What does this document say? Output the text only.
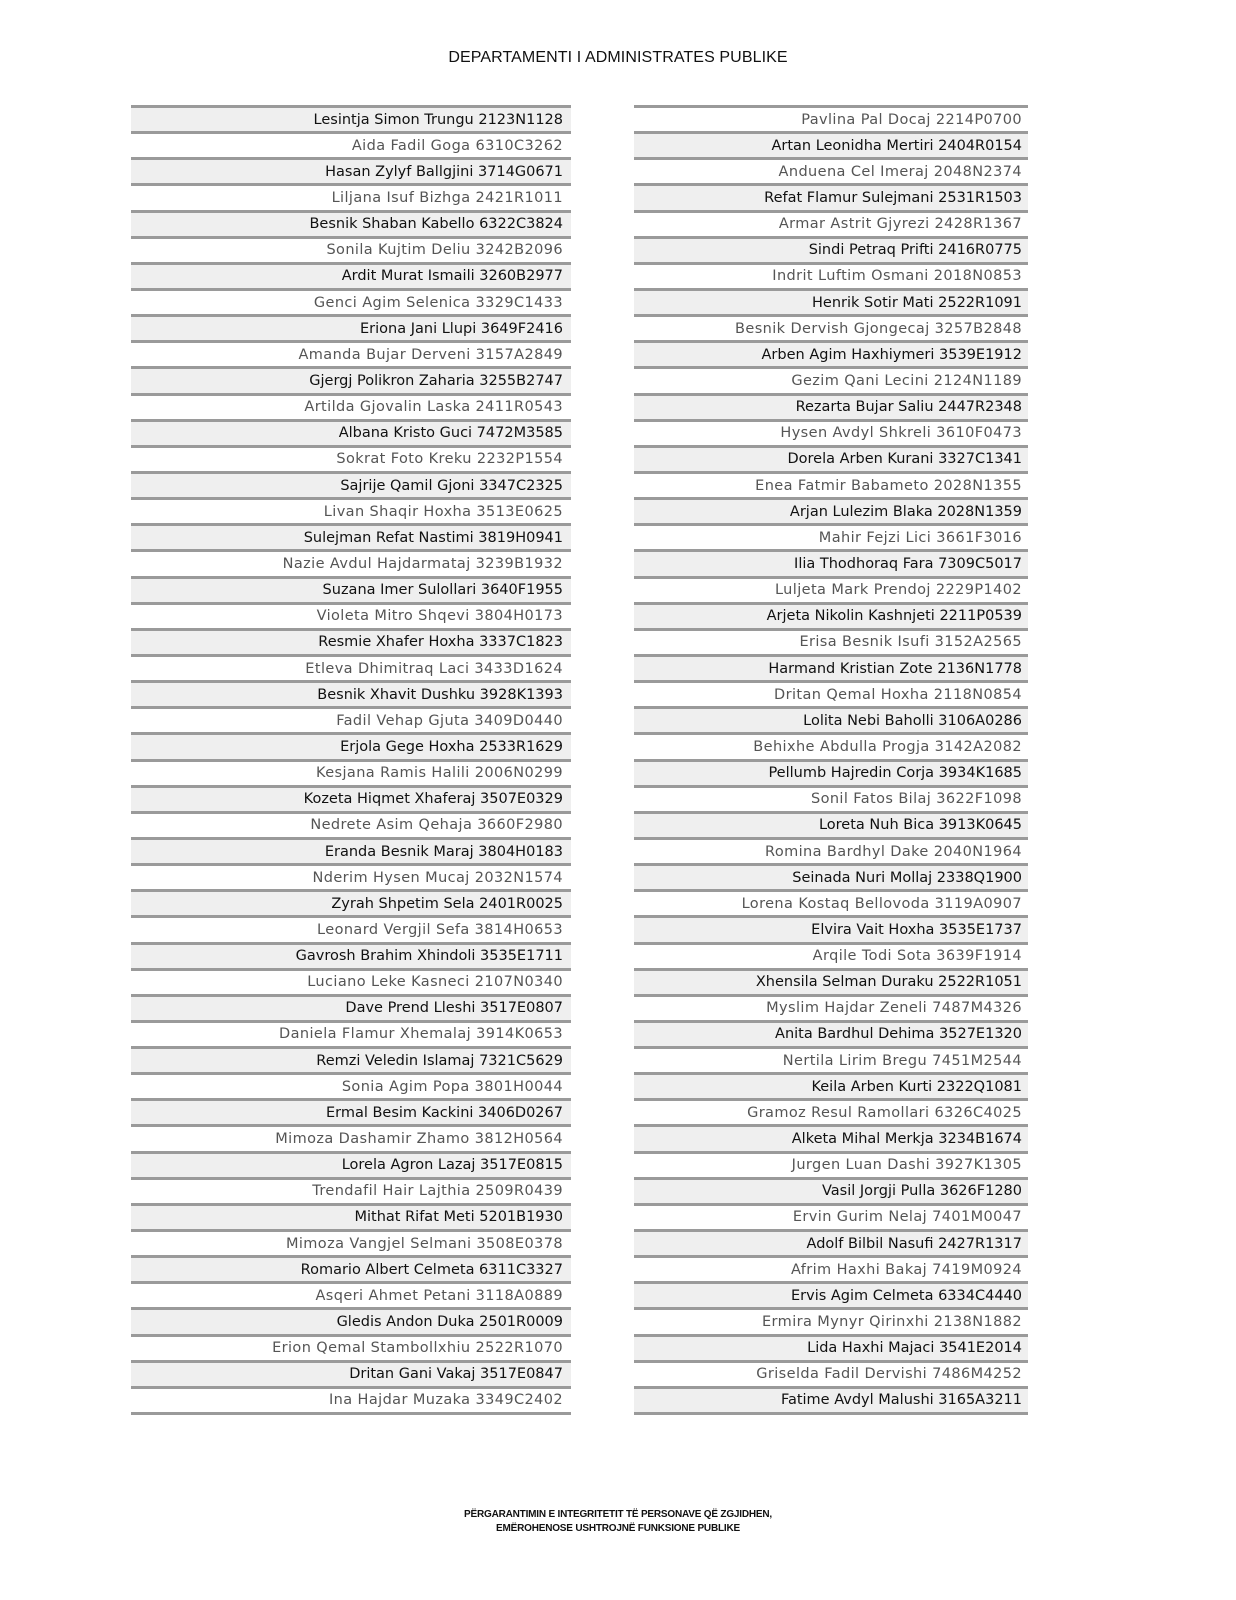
DEPARTAMENTI I ADMINISTRATES PUBLIKE
Lesintja Simon Trungu 2123N1128
Aida Fadil Goga 6310C3262
Hasan Zylyf Ballgjini 3714G0671
Liljana Isuf Bizhga 2421R1011
Besnik Shaban Kabello 6322C3824
Sonila Kujtim Deliu 3242B2096
Ardit Murat Ismaili 3260B2977
Genci Agim Selenica 3329C1433
Eriona Jani Llupi 3649F2416
Amanda Bujar Derveni 3157A2849
Gjergj Polikron Zaharia 3255B2747
Artilda Gjovalin Laska 2411R0543
Albana Kristo Guci 7472M3585
Sokrat Foto Kreku 2232P1554
Sajrije Qamil Gjoni 3347C2325
Livan Shaqir Hoxha 3513E0625
Sulejman Refat Nastimi 3819H0941
Nazie Avdul Hajdarmataj 3239B1932
Suzana Imer Sulollari 3640F1955
Violeta Mitro Shqevi 3804H0173
Resmie Xhafer Hoxha 3337C1823
Etleva Dhimitraq Laci 3433D1624
Besnik Xhavit Dushku 3928K1393
Fadil Vehap Gjuta 3409D0440
Erjola Gege Hoxha 2533R1629
Kesjana Ramis Halili 2006N0299
Kozeta Hiqmet Xhaferaj 3507E0329
Nedrete Asim Qehaja 3660F2980
Eranda Besnik Maraj 3804H0183
Nderim Hysen Mucaj 2032N1574
Zyrah Shpetim Sela 2401R0025
Leonard Vergjil Sefa 3814H0653
Gavrosh Brahim Xhindoli 3535E1711
Luciano Leke Kasneci 2107N0340
Dave Prend Lleshi 3517E0807
Daniela Flamur Xhemalaj 3914K0653
Remzi Veledin Islamaj 7321C5629
Sonia Agim Popa 3801H0044
Ermal Besim Kackini 3406D0267
Mimoza Dashamir Zhamo 3812H0564
Lorela Agron Lazaj 3517E0815
Trendafil Hair Lajthia 2509R0439
Mithat Rifat Meti 5201B1930
Mimoza Vangjel Selmani 3508E0378
Romario Albert Celmeta 6311C3327
Asqeri Ahmet Petani 3118A0889
Gledis Andon Duka 2501R0009
Erion Qemal Stambollxhiu 2522R1070
Dritan Gani Vakaj 3517E0847
Ina Hajdar Muzaka 3349C2402
Pavlina Pal Docaj 2214P0700
Artan Leonidha Mertiri 2404R0154
Anduena Cel Imeraj 2048N2374
Refat Flamur Sulejmani 2531R1503
Armar Astrit Gjyrezi 2428R1367
Sindi Petraq Prifti 2416R0775
Indrit Luftim Osmani 2018N0853
Henrik Sotir Mati 2522R1091
Besnik Dervish Gjongecaj 3257B2848
Arben Agim Haxhiymeri 3539E1912
Gezim Qani Lecini 2124N1189
Rezarta Bujar Saliu 2447R2348
Hysen Avdyl Shkreli 3610F0473
Dorela Arben Kurani 3327C1341
Enea Fatmir Babameto 2028N1355
Arjan Lulezim Blaka 2028N1359
Mahir Fejzi Lici 3661F3016
Ilia Thodhoraq Fara 7309C5017
Luljeta Mark Prendoj 2229P1402
Arjeta Nikolin Kashnjeti 2211P0539
Erisa Besnik Isufi 3152A2565
Harmand Kristian Zote 2136N1778
Dritan Qemal Hoxha 2118N0854
Lolita Nebi Baholli 3106A0286
Behixhe Abdulla Progja 3142A2082
Pellumb Hajredin Corja 3934K1685
Sonil Fatos Bilaj 3622F1098
Loreta Nuh Bica 3913K0645
Romina Bardhyl Dake 2040N1964
Seinada Nuri Mollaj 2338Q1900
Lorena Kostaq Bellovoda 3119A0907
Elvira Vait Hoxha 3535E1737
Arqile Todi Sota 3639F1914
Xhensila Selman Duraku 2522R1051
Myslim Hajdar Zeneli 7487M4326
Anita Bardhul Dehima 3527E1320
Nertila Lirim Bregu 7451M2544
Keila Arben Kurti 2322Q1081
Gramoz Resul Ramollari 6326C4025
Alketa Mihal Merkja 3234B1674
Jurgen Luan Dashi 3927K1305
Vasil Jorgji Pulla 3626F1280
Ervin Gurim Nelaj 7401M0047
Adolf Bilbil Nasufi 2427R1317
Afrim Haxhi Bakaj 7419M0924
Ervis Agim Celmeta 6334C4440
Ermira Mynyr Qirinxhi 2138N1882
Lida Haxhi Majaci 3541E2014
Griselda Fadil Dervishi 7486M4252
Fatime Avdyl Malushi 3165A3211
PËRGARANTIMIN E INTEGRITETIT TË PERSONAVE QË ZGJIDHEN,
EMËROHENOSE USHTROJNË FUNKSIONE PUBLIKE
